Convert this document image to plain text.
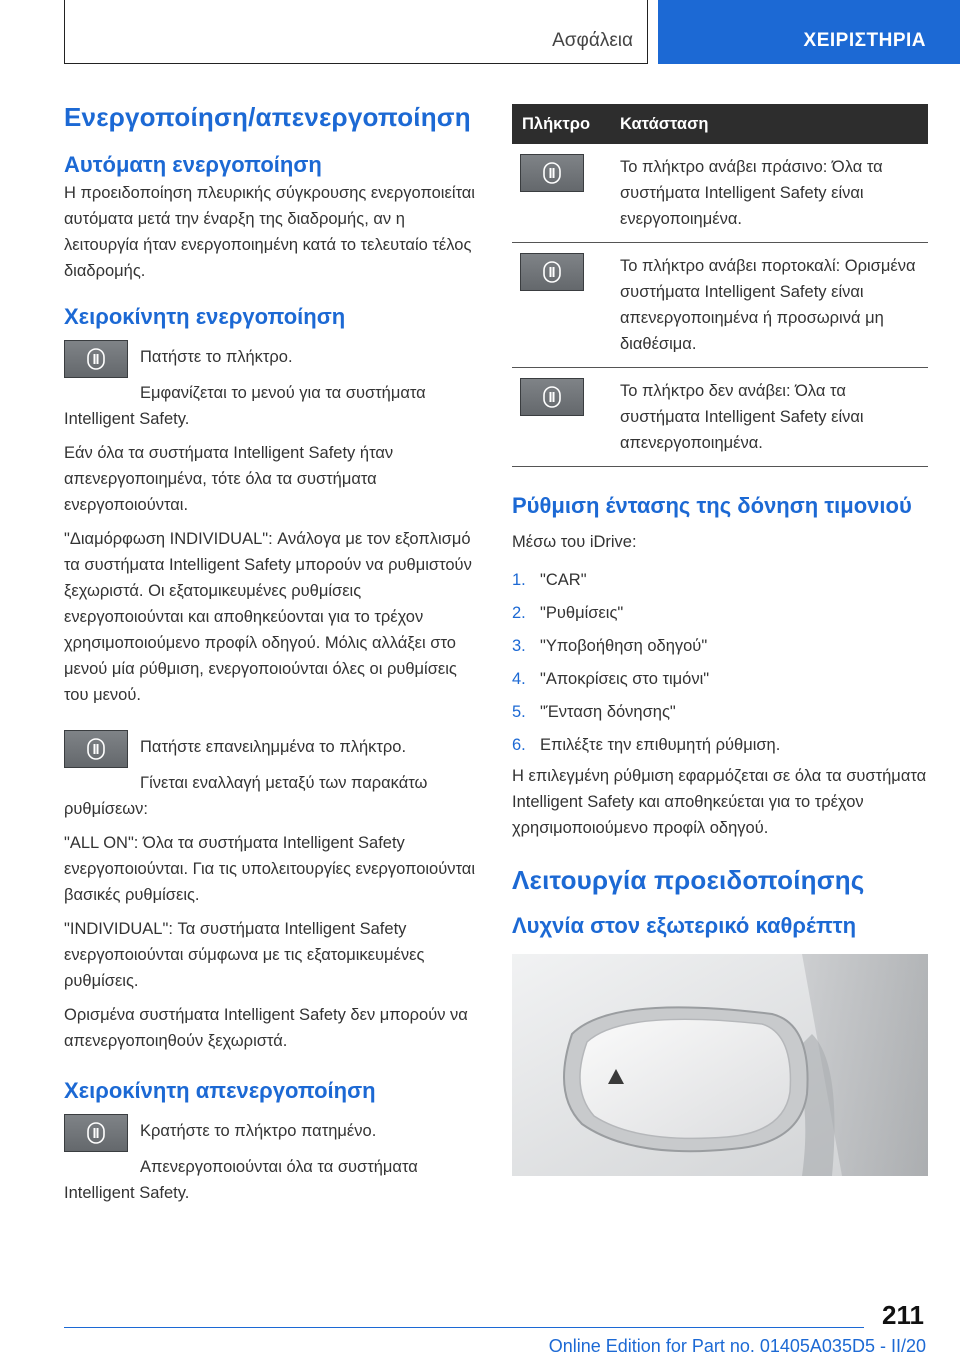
Ασφάλεια	ΧΕΙΡΙΣΤΗΡΙΑ
Ενεργοποίηση/απενεργοποίηση
Αυτόματη ενεργοποίηση

Η προειδοποίηση πλευρικής σύγκρουσης ενεργοποιείται αυτόματα μετά την έναρξη της διαδρομής, αν η λειτουργία ήταν ενεργοποιημένη κατά το τελευταίο τέλος διαδρομής.

Χειροκίνητη ενεργοποίηση

Πατήστε το πλήκτρο.

Εμφανίζεται το μενού για τα συστήματα Intelligent Safety.

Εάν όλα τα συστήματα Intelligent Safety ήταν απενεργοποιημένα, τότε όλα τα συστήματα ενεργοποιούνται.

"Διαμόρφωση INDIVIDUAL": Ανάλογα με τον εξοπλισμό τα συστήματα Intelligent Safety μπορούν να ρυθμιστούν ξεχωριστά. Οι εξατομικευμένες ρυθμίσεις ενεργοποιούνται και αποθηκεύονται για το τρέχον χρησιμοποιούμενο προφίλ οδηγού. Μόλις αλλάξει στο μενού μία ρύθμιση, ενεργοποιούνται όλες οι ρυθμίσεις του μενού.

Πατήστε επανειλημμένα το πλήκτρο.

Γίνεται εναλλαγή μεταξύ των παρακάτω ρυθμίσεων:

"ALL ON": Όλα τα συστήματα Intelligent Safety ενεργοποιούνται. Για τις υπολειτουργίες ενεργοποιούνται βασικές ρυθμίσεις.

"INDIVIDUAL": Τα συστήματα Intelligent Safety ενεργοποιούνται σύμφωνα με τις εξατομικευμένες ρυθμίσεις.

Ορισμένα συστήματα Intelligent Safety δεν μπορούν να απενεργοποιηθούν ξεχωριστά.

Χειροκίνητη απενεργοποίηση

Κρατήστε το πλήκτρο πατημένο.

Απενεργοποιούνται όλα τα συστήματα Intelligent Safety.

Πλήκτρο	Κατάσταση

	Το πλήκτρο ανάβει πράσινο: Όλα τα συστήματα Intelligent Safety είναι ενεργοποιημένα.

	Το πλήκτρο ανάβει πορτοκαλί: Ορισμένα συστήματα Intelligent Safety είναι απενεργοποιημένα ή προσωρινά μη διαθέσιμα.

	Το πλήκτρο δεν ανάβει: Όλα τα συστήματα Intelligent Safety είναι απενεργοποιημένα.
Ρύθμιση έντασης της δόνηση τιμονιού

Μέσω του iDrive:

1. "CAR"
2. "Ρυθμίσεις"
3. "Υποβοήθηση οδηγού"
4. "Αποκρίσεις στο τιμόνι"
5. "Ένταση δόνησης"
6. Επιλέξτε την επιθυμητή ρύθμιση.

Η επιλεγμένη ρύθμιση εφαρμόζεται σε όλα τα συστήματα Intelligent Safety και αποθηκεύεται για το τρέχον χρησιμοποιούμενο προφίλ οδηγού.

Λειτουργία προειδοποίησης
Λυχνία στον εξωτερικό καθρέπτη
211
Online Edition for Part no. 01405A035D5 - II/20
